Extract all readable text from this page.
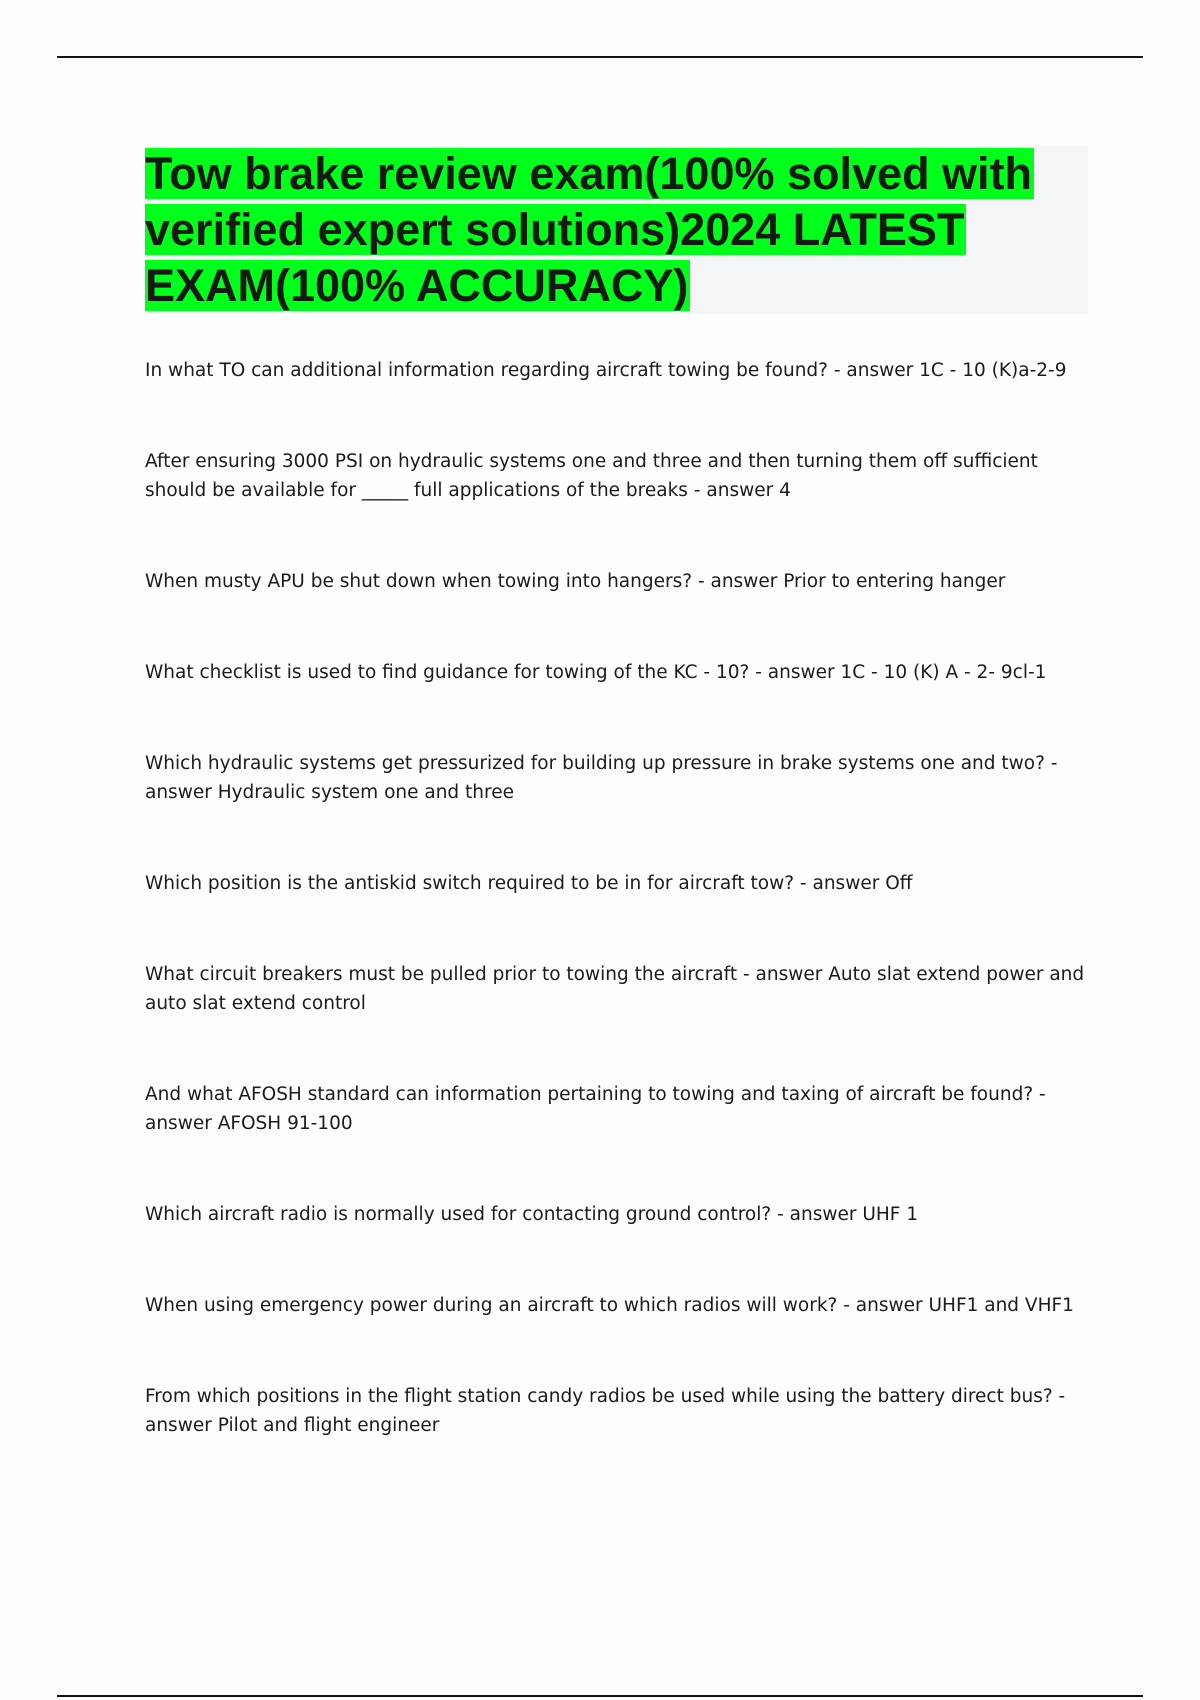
Tow brake review exam(100% solved with verified expert solutions)2024 LATEST EXAM(100% ACCURACY)
In what TO can additional information regarding aircraft towing be found? - answer 1C - 10 (K)a-2-9
After ensuring 3000 PSI on hydraulic systems one and three and then turning them off sufficient should be available for _____ full applications of the breaks - answer 4
When musty APU be shut down when towing into hangers? - answer Prior to entering hanger
What checklist is used to find guidance for towing of the KC - 10? - answer 1C - 10 (K) A - 2- 9cl-1
Which hydraulic systems get pressurized for building up pressure in brake systems one and two? - answer Hydraulic system one and three
Which position is the antiskid switch required to be in for aircraft tow? - answer Off
What circuit breakers must be pulled prior to towing the aircraft - answer Auto slat extend power and auto slat extend control
And what AFOSH standard can information pertaining to towing and taxing of aircraft be found? - answer AFOSH 91-100
Which aircraft radio is normally used for contacting ground control? - answer UHF 1
When using emergency power during an aircraft to which radios will work? - answer UHF1 and VHF1
From which positions in the flight station candy radios be used while using the battery direct bus? - answer Pilot and flight engineer
